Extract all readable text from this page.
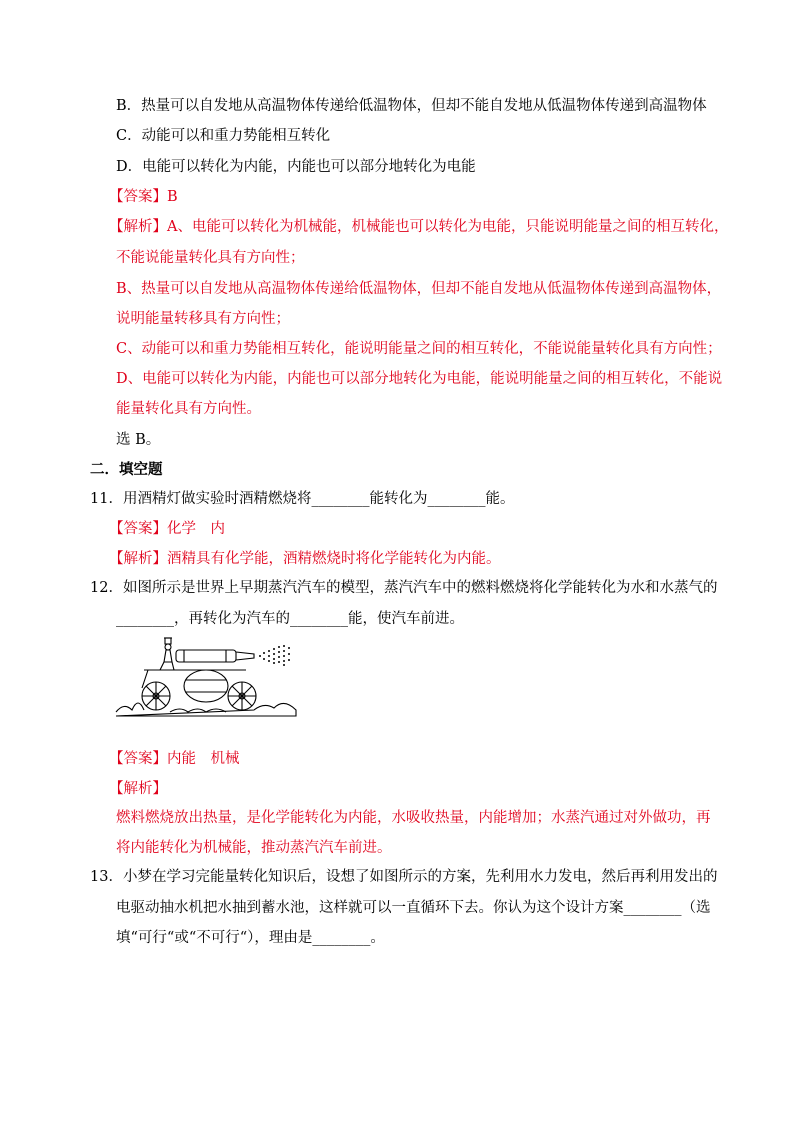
B．热量可以自发地从高温物体传递给低温物体，但却不能自发地从低温物体传递到高温物体
C．动能可以和重力势能相互转化
D．电能可以转化为内能，内能也可以部分地转化为电能
【答案】B
【解析】A、电能可以转化为机械能，机械能也可以转化为电能，只能说明能量之间的相互转化，
不能说能量转化具有方向性；
B、热量可以自发地从高温物体传递给低温物体，但却不能自发地从低温物体传递到高温物体，
说明能量转移具有方向性；
C、动能可以和重力势能相互转化，能说明能量之间的相互转化，不能说能量转化具有方向性；
D、电能可以转化为内能，内能也可以部分地转化为电能，能说明能量之间的相互转化，不能说
能量转化具有方向性。
选 B。
二．填空题
11．用酒精灯做实验时酒精燃烧将________能转化为________能。
【答案】化学　内
【解析】酒精具有化学能，酒精燃烧时将化学能转化为内能。
12．如图所示是世界上早期蒸汽汽车的模型，蒸汽汽车中的燃料燃烧将化学能转化为水和水蒸气的
________，再转化为汽车的________能，使汽车前进。
【答案】内能　机械
【解析】
燃料燃烧放出热量，是化学能转化为内能，水吸收热量，内能增加；水蒸汽通过对外做功，再
将内能转化为机械能，推动蒸汽汽车前进。
13．小梦在学习完能量转化知识后，设想了如图所示的方案，先利用水力发电，然后再利用发出的
电驱动抽水机把水抽到蓄水池，这样就可以一直循环下去。你认为这个设计方案________（选
填“可行“或“不可行“），理由是________。
